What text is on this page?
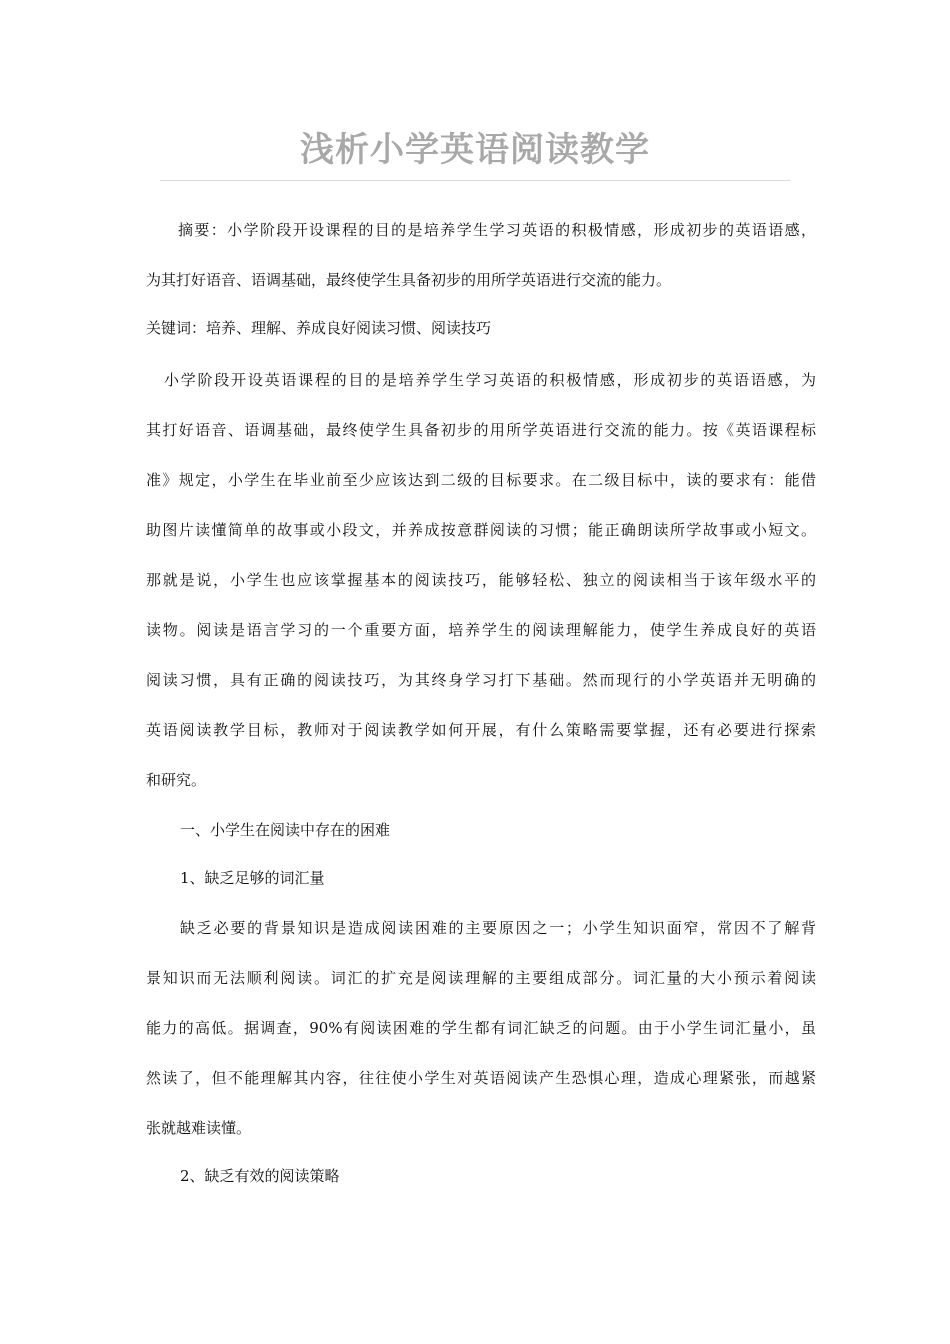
浅析小学英语阅读教学
摘要：小学阶段开设课程的目的是培养学生学习英语的积极情感，形成初步的英语语感，
为其打好语音、语调基础，最终使学生具备初步的用所学英语进行交流的能力。
关键词：培养、理解、养成良好阅读习惯、阅读技巧
小学阶段开设英语课程的目的是培养学生学习英语的积极情感，形成初步的英语语感，为
其打好语音、语调基础，最终使学生具备初步的用所学英语进行交流的能力。按《英语课程标
准》规定，小学生在毕业前至少应该达到二级的目标要求。在二级目标中，读的要求有：能借
助图片读懂简单的故事或小段文，并养成按意群阅读的习惯；能正确朗读所学故事或小短文。
那就是说，小学生也应该掌握基本的阅读技巧，能够轻松、独立的阅读相当于该年级水平的
读物。阅读是语言学习的一个重要方面，培养学生的阅读理解能力，使学生养成良好的英语
阅读习惯，具有正确的阅读技巧，为其终身学习打下基础。然而现行的小学英语并无明确的
英语阅读教学目标，教师对于阅读教学如何开展，有什么策略需要掌握，还有必要进行探索
和研究。
一、小学生在阅读中存在的困难
1、缺乏足够的词汇量
缺乏必要的背景知识是造成阅读困难的主要原因之一；小学生知识面窄，常因不了解背
景知识而无法顺利阅读。词汇的扩充是阅读理解的主要组成部分。词汇量的大小预示着阅读
能力的高低。据调查，90%有阅读困难的学生都有词汇缺乏的问题。由于小学生词汇量小，虽
然读了，但不能理解其内容，往往使小学生对英语阅读产生恐惧心理，造成心理紧张，而越紧
张就越难读懂。
2、缺乏有效的阅读策略
